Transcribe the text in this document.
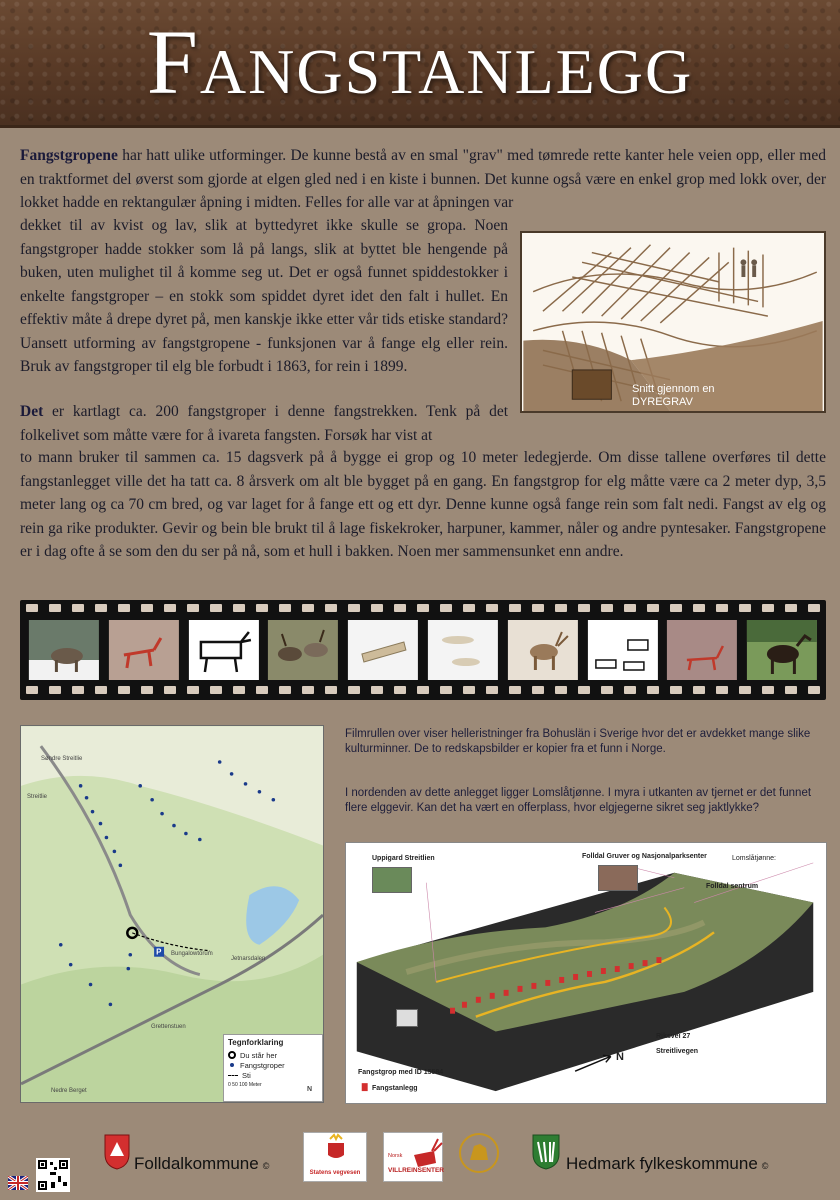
Fangstanlegg
Fangstgropene har hatt ulike utforminger. De kunne bestå av en smal "grav" med tømrede rette kanter hele veien opp, eller med en traktformet del øverst som gjorde at elgen gled ned i en kiste i bunnen. Det kunne også være en enkel grop med lokk over, der lokket hadde en rektangulær åpning i midten. Felles for alle var at åpningen var
dekket til av kvist og lav, slik at byttedyret ikke skulle se gropa. Noen fangstgroper hadde stokker som lå på langs, slik at byttet ble hengende på buken, uten mulighet til å komme seg ut. Det er også funnet spiddestokker i enkelte fangstgroper – en stokk som spiddet dyret idet den falt i hullet. En effektiv måte å drepe dyret på, men kanskje ikke etter vår tids etiske standard? Uansett utforming av fangstgropene - funksjonen var å fange elg eller rein. Bruk av fangstgroper til elg ble forbudt i 1863, for rein i 1899.
Det er kartlagt ca. 200 fangstgroper i denne fangstrekken. Tenk på det folkelivet som måtte være for å ivareta fangsten. Forsøk har vist at
to mann bruker til sammen ca. 15 dagsverk på å bygge ei grop og 10 meter ledegjerde. Om disse tallene overføres til dette fangstanlegget ville det ha tatt ca. 8 årsverk om alt ble bygget på en gang. En fangstgrop for elg måtte være ca 2 meter dyp, 3,5 meter lang og ca 70 cm bred, og var laget for å fange ett og ett dyr. Denne kunne også fange rein som falt nedi. Fangst av elg og rein ga rike produkter. Gevir og bein ble brukt til å lage fiskekroker, harpuner, kammer, nåler og andre pyntesaker. Fangstgropene er i dag ofte å se som den du ser på nå, som et hull i bakken. Noen mer sammensunket enn andre.
Snitt gjennom en
DYREGRAV
P
Søndre Streitlie
Streitlie
Bungalowtorum
Jetnarsdalen
Grettenstuen
Nedre Berget
Tegnforklaring
Du står her
Fangstgroper
Sti
0 50 100 Meter
N
Filmrullen over viser helleristninger fra Bohuslän i Sverige hvor det er avdekket mange slike kulturminner. De to redskapsbilder er kopier fra et funn i Norge.
I nordenden av dette anlegget ligger Lomslåtjønne. I myra i utkanten av tjernet er det funnet flere elggevir. Kan det ha vært en offerplass, hvor elgjegerne sikret seg jaktlykke?
Uppigard Streitlien	Folldal Gruver og Nasjonalparksenter	Lomslåtjønne:
Folldal sentrum
Riksvei 27
Streitlivegen
Fangstgrop med ID 15584
Fangstanlegg
N
Folldalkommune ©
Statens vegvesen
Norsk
VILLREINSENTER	Hedmark fylkeskommune ©
